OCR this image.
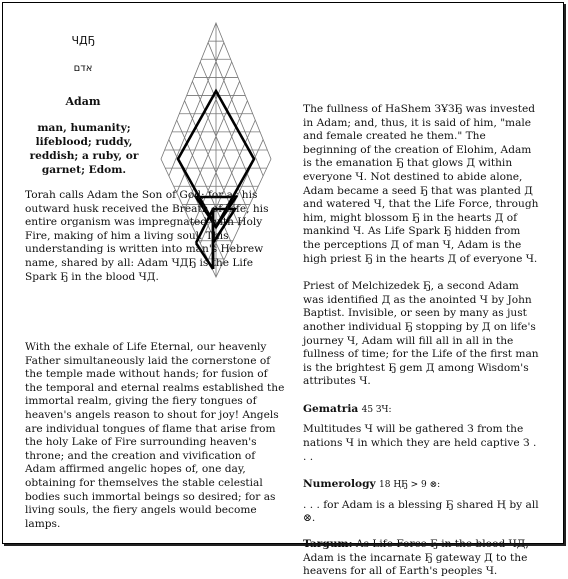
ЧДҔ
אדם
Adam
man, humanity; lifeblood; ruddy, reddish; a ruby, or garnet; Edom.

Torah calls Adam the Son of God; for as his outward husk received the Breath of Life, his entire organism was impregnated with Holy Fire, making of him a living soul. This understanding is written into man's Hebrew name, shared by all: Adam ЧДҔ is the Life Spark Ҕ in the blood ЧД.

With the exhale of Life Eternal, our heavenly Father simultaneously laid the cornerstone of the temple made without hands; for fusion of the temporal and eternal realms established the immortal realm, giving the fiery tongues of heaven's angels reason to shout for joy! Angels are individual tongues of flame that arise from the holy Lake of Fire surrounding heaven's throne; and the creation and vivification of Adam affirmed angelic hopes of, one day, obtaining for themselves the stable celestial bodies such immortal beings so desired; for as living souls, the fiery angels would become lamps.

The fullness of HaShem ЗҰЗҔ was invested in Adam; and, thus, it is said of him, "male and female created he them." The beginning of the creation of Elohim, Adam is the emanation Ҕ that glows Д within everyone Ч. Not destined to abide alone, Adam became a seed Ҕ that was planted Д and watered Ч, that the Life Force, through him, might blossom Ҕ in the hearts Д of mankind Ч. As Life Spark Ҕ hidden from the perceptions Д of man Ч, Adam is the high priest Ҕ in the hearts Д of everyone Ч.

Priest of Melchizedek Ҕ, a second Adam was identified Д as the anointed Ч by John Baptist. Invisible, or seen by many as just another individual Ҕ stopping by Д on life's journey Ч, Adam will fill all in all in the fullness of time; for the Life of the first man is the brightest Ҕ gem Д among Wisdom's attributes Ч.

Gematria 45 ЗЧ:

Multitudes Ч will be gathered З from the nations Ч in which they are held captive З . . .

Numerology 18 ҢҔ > 9 ⊗:

. . . for Adam is a blessing Ҕ shared Ң by all ⊗.

Targum: As Life Force Ҕ in the blood ЧД, Adam is the incarnate Ҕ gateway Д to the heavens for all of Earth's peoples Ч.
